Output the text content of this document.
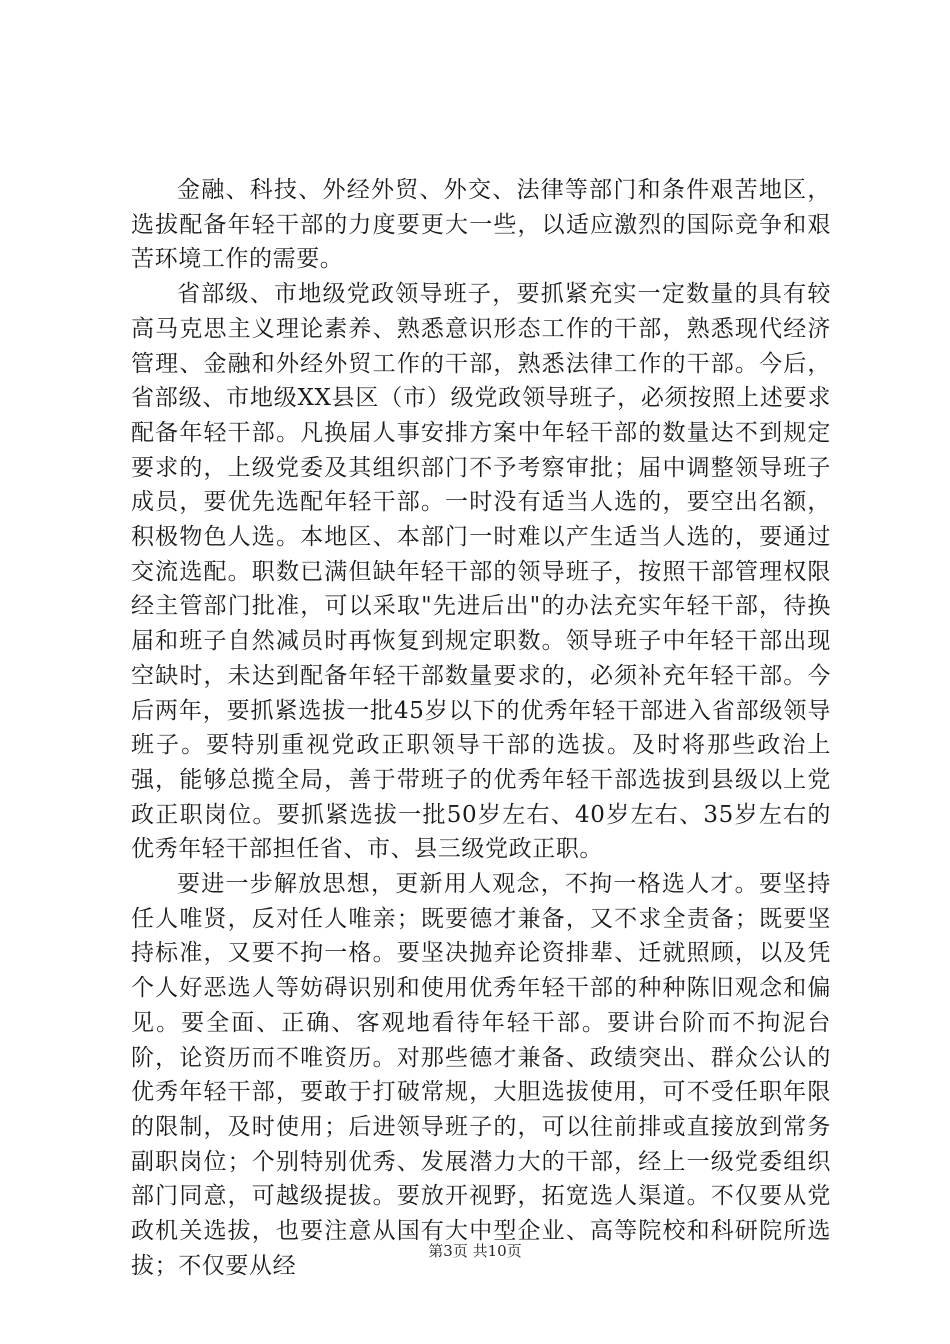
金融、科技、外经外贸、外交、法律等部门和条件艰苦地区，选拔配备年轻干部的力度要更大一些，以适应激烈的国际竞争和艰苦环境工作的需要。

省部级、市地级党政领导班子，要抓紧充实一定数量的具有较高马克思主义理论素养、熟悉意识形态工作的干部，熟悉现代经济管理、金融和外经外贸工作的干部，熟悉法律工作的干部。今后，省部级、市地级XX县区（市）级党政领导班子，必须按照上述要求配备年轻干部。凡换届人事安排方案中年轻干部的数量达不到规定要求的，上级党委及其组织部门不予考察审批；届中调整领导班子成员，要优先选配年轻干部。一时没有适当人选的，要空出名额，积极物色人选。本地区、本部门一时难以产生适当人选的，要通过交流选配。职数已满但缺年轻干部的领导班子，按照干部管理权限经主管部门批准，可以采取"先进后出"的办法充实年轻干部，待换届和班子自然减员时再恢复到规定职数。领导班子中年轻干部出现空缺时，未达到配备年轻干部数量要求的，必须补充年轻干部。今后两年，要抓紧选拔一批45岁以下的优秀年轻干部进入省部级领导班子。要特别重视党政正职领导干部的选拔。及时将那些政治上强，能够总揽全局，善于带班子的优秀年轻干部选拔到县级以上党政正职岗位。要抓紧选拔一批50岁左右、40岁左右、35岁左右的优秀年轻干部担任省、市、县三级党政正职。

要进一步解放思想，更新用人观念，不拘一格选人才。要坚持任人唯贤，反对任人唯亲；既要德才兼备，又不求全责备；既要坚持标准，又要不拘一格。要坚决抛弃论资排辈、迁就照顾，以及凭个人好恶选人等妨碍识别和使用优秀年轻干部的种种陈旧观念和偏见。要全面、正确、客观地看待年轻干部。要讲台阶而不拘泥台阶，论资历而不唯资历。对那些德才兼备、政绩突出、群众公认的优秀年轻干部，要敢于打破常规，大胆选拔使用，可不受任职年限的限制，及时使用；后进领导班子的，可以往前排或直接放到常务副职岗位；个别特别优秀、发展潜力大的干部，经上一级党委组织部门同意，可越级提拔。要放开视野，拓宽选人渠道。不仅要从党政机关选拔，也要注意从国有大中型企业、高等院校和科研院所选拔；不仅要从经

第3页 共10页
